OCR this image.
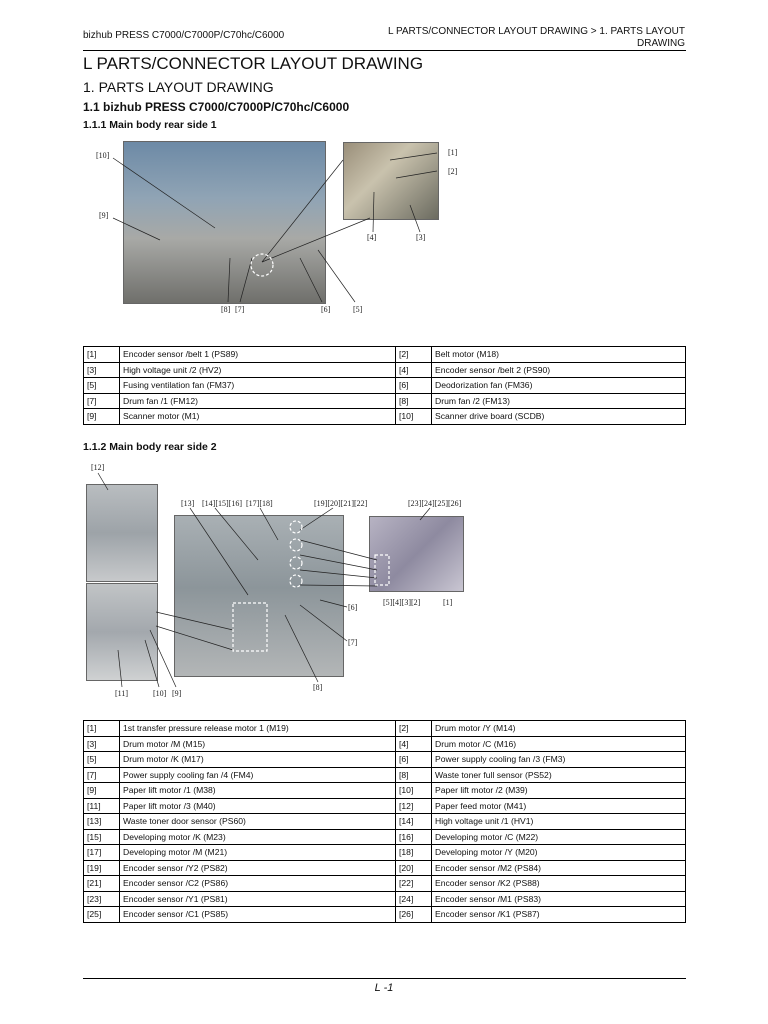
bizhub PRESS C7000/C7000P/C70hc/C6000	L PARTS/CONNECTOR LAYOUT DRAWING > 1. PARTS LAYOUT
DRAWING
L PARTS/CONNECTOR LAYOUT DRAWING
1. PARTS LAYOUT DRAWING
1.1 bizhub PRESS C7000/C7000P/C70hc/C6000
1.1.1 Main body rear side 1
[10]
[9]
[8] [7]	[6]	[5]
[1]
[2]
[4]	[3]
[1]	Encoder sensor /belt 1 (PS89)	[2]	Belt motor (M18)
[3]	High voltage unit /2 (HV2)	[4]	Encoder sensor /belt 2 (PS90)
[5]	Fusing ventilation fan (FM37)	[6]	Deodorization fan (FM36)
[7]	Drum fan /1 (FM12)	[8]	Drum fan /2 (FM13)
[9]	Scanner motor (M1)	[10]	Scanner drive board (SCDB)
1.1.2 Main body rear side 2
[12]
[11]	[10] [9]
[13] [14][15][16] [17][18]	[19][20][21][22]	[23][24][25][26]
[5][4][3][2]	[1]
[6]
[7]
[8]
[1]	1st transfer pressure release motor 1 (M19)	[2]	Drum motor /Y (M14)
[3]	Drum motor /M (M15)	[4]	Drum motor /C (M16)
[5]	Drum motor /K (M17)	[6]	Power supply cooling fan /3 (FM3)
[7]	Power supply cooling fan /4 (FM4)	[8]	Waste toner full sensor (PS52)
[9]	Paper lift motor /1 (M38)	[10]	Paper lift motor /2 (M39)
[11]	Paper lift motor /3 (M40)	[12]	Paper feed motor (M41)
[13]	Waste toner door sensor (PS60)	[14]	High voltage unit /1 (HV1)
[15]	Developing motor /K (M23)	[16]	Developing motor /C (M22)
[17]	Developing motor /M (M21)	[18]	Developing motor /Y (M20)
[19]	Encoder sensor /Y2 (PS82)	[20]	Encoder sensor /M2 (PS84)
[21]	Encoder sensor /C2 (PS86)	[22]	Encoder sensor /K2 (PS88)
[23]	Encoder sensor /Y1 (PS81)	[24]	Encoder sensor /M1 (PS83)
[25]	Encoder sensor /C1 (PS85)	[26]	Encoder sensor /K1 (PS87)
L -1
